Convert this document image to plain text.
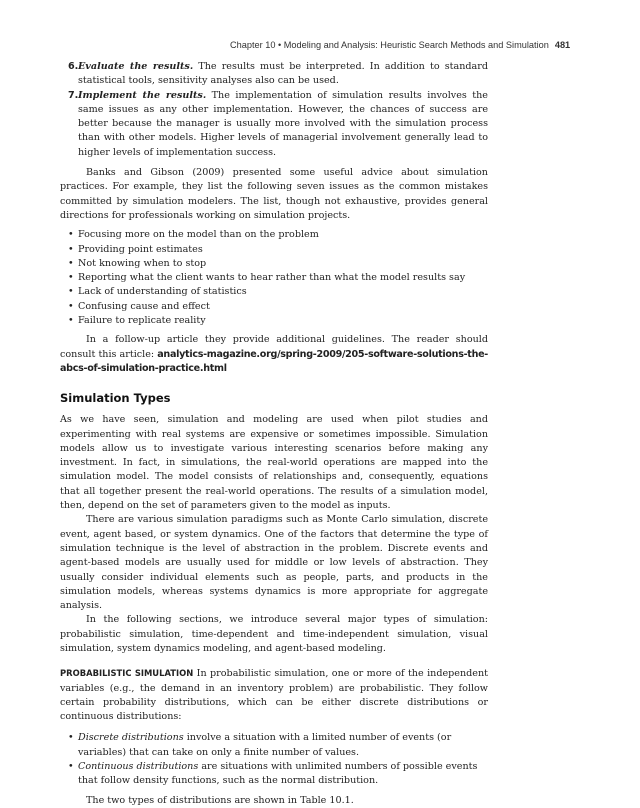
Chapter 10 • Modeling and Analysis: Heuristic Search Methods and Simulation 481
6. Evaluate the results. The results must be interpreted. In addition to standard statistical tools, sensitivity analyses also can be used.
7. Implement the results. The implementation of simulation results involves the same issues as any other implementation. However, the chances of success are better because the manager is usually more involved with the simulation process than with other models. Higher levels of managerial involvement generally lead to higher levels of implementation success.

Banks and Gibson (2009) presented some useful advice about simulation practices. For example, they list the following seven issues as the common mistakes committed by simulation modelers. The list, though not exhaustive, provides general directions for professionals working on simulation projects.

• Focusing more on the model than on the problem
• Providing point estimates
• Not knowing when to stop
• Reporting what the client wants to hear rather than what the model results say
• Lack of understanding of statistics
• Confusing cause and effect
• Failure to replicate reality

In a follow-up article they provide additional guidelines. The reader should consult this article: analytics-magazine.org/spring-2009/205-software-solutions-the-abcs-of-simulation-practice.html

Simulation Types

As we have seen, simulation and modeling are used when pilot studies and experimenting with real systems are expensive or sometimes impossible. Simulation models allow us to investigate various interesting scenarios before making any investment. In fact, in simulations, the real-world operations are mapped into the simulation model. The model consists of relationships and, consequently, equations that all together present the real-world operations. The results of a simulation model, then, depend on the set of parameters given to the model as inputs.

There are various simulation paradigms such as Monte Carlo simulation, discrete event, agent based, or system dynamics. One of the factors that determine the type of simulation technique is the level of abstraction in the problem. Discrete events and agent-based models are usually used for middle or low levels of abstraction. They usually consider individual elements such as people, parts, and products in the simulation models, whereas systems dynamics is more appropriate for aggregate analysis.

In the following sections, we introduce several major types of simulation: probabilistic simulation, time-dependent and time-independent simulation, visual simulation, system dynamics modeling, and agent-based modeling.

PROBABILISTIC SIMULATION In probabilistic simulation, one or more of the independent variables (e.g., the demand in an inventory problem) are probabilistic. They follow certain probability distributions, which can be either discrete distributions or continuous distributions:

• Discrete distributions involve a situation with a limited number of events (or variables) that can take on only a finite number of values.
• Continuous distributions are situations with unlimited numbers of possible events that follow density functions, such as the normal distribution.

The two types of distributions are shown in Table 10.1.
